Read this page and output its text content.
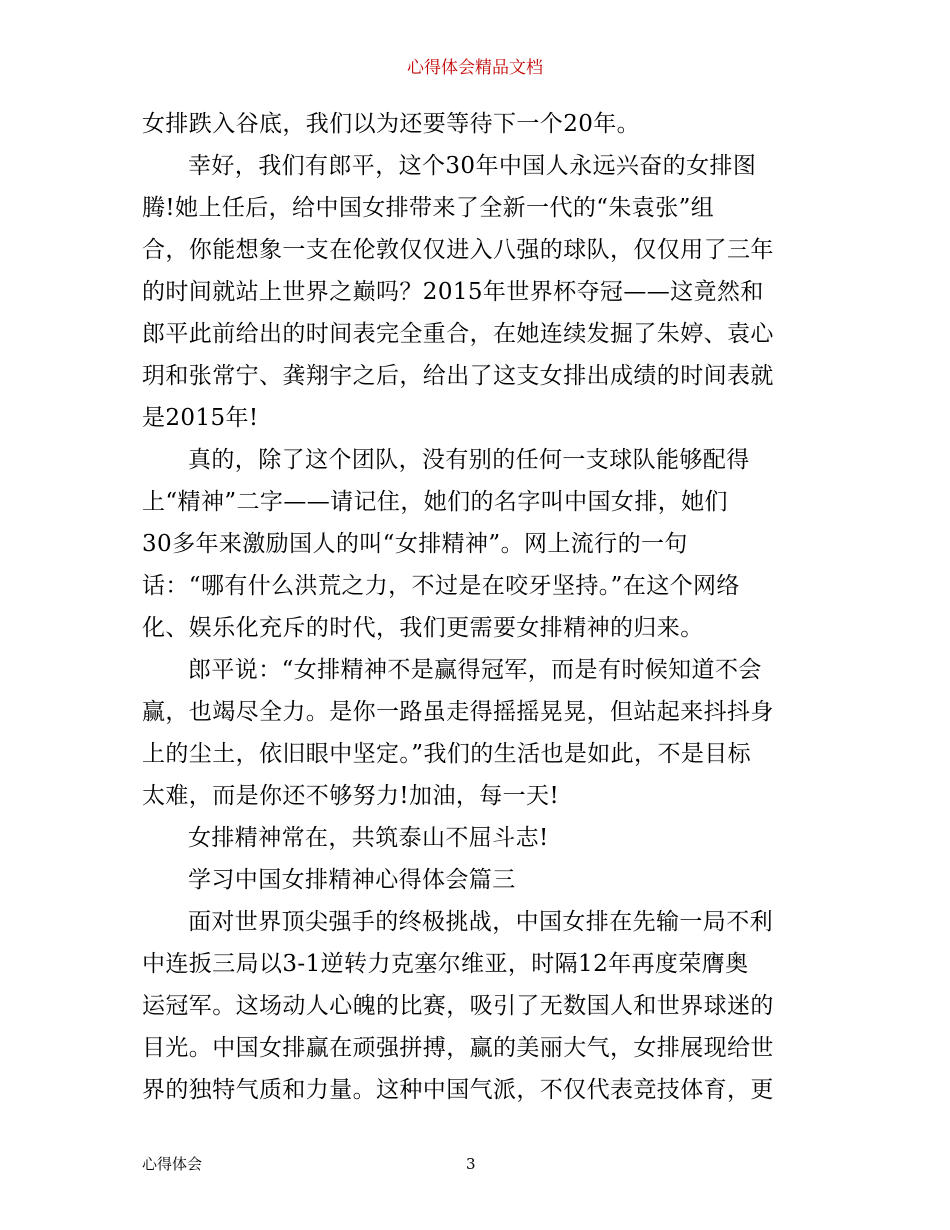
心得体会精品文档
女排跌入谷底，我们以为还要等待下一个20年。
幸好，我们有郎平，这个30年中国人永远兴奋的女排图
腾!她上任后，给中国女排带来了全新一代的“朱袁张”组
合，你能想象一支在伦敦仅仅进入八强的球队，仅仅用了三年
的时间就站上世界之巅吗？2015年世界杯夺冠——这竟然和
郎平此前给出的时间表完全重合，在她连续发掘了朱婷、袁心
玥和张常宁、龚翔宇之后，给出了这支女排出成绩的时间表就
是2015年!
真的，除了这个团队，没有别的任何一支球队能够配得
上“精神”二字——请记住，她们的名字叫中国女排，她们
30多年来激励国人的叫“女排精神”。网上流行的一句
话：“哪有什么洪荒之力，不过是在咬牙坚持。”在这个网络
化、娱乐化充斥的时代，我们更需要女排精神的归来。
郎平说：“女排精神不是赢得冠军，而是有时候知道不会
赢，也竭尽全力。是你一路虽走得摇摇晃晃，但站起来抖抖身
上的尘土，依旧眼中坚定。”我们的生活也是如此，不是目标
太难，而是你还不够努力!加油，每一天!
女排精神常在，共筑泰山不屈斗志!
学习中国女排精神心得体会篇三
面对世界顶尖强手的终极挑战，中国女排在先输一局不利
中连扳三局以3-1逆转力克塞尔维亚，时隔12年再度荣膺奥
运冠军。这场动人心魄的比赛，吸引了无数国人和世界球迷的
目光。中国女排赢在顽强拼搏，赢的美丽大气，女排展现给世
界的独特气质和力量。这种中国气派，不仅代表竞技体育，更
心得体会	3
